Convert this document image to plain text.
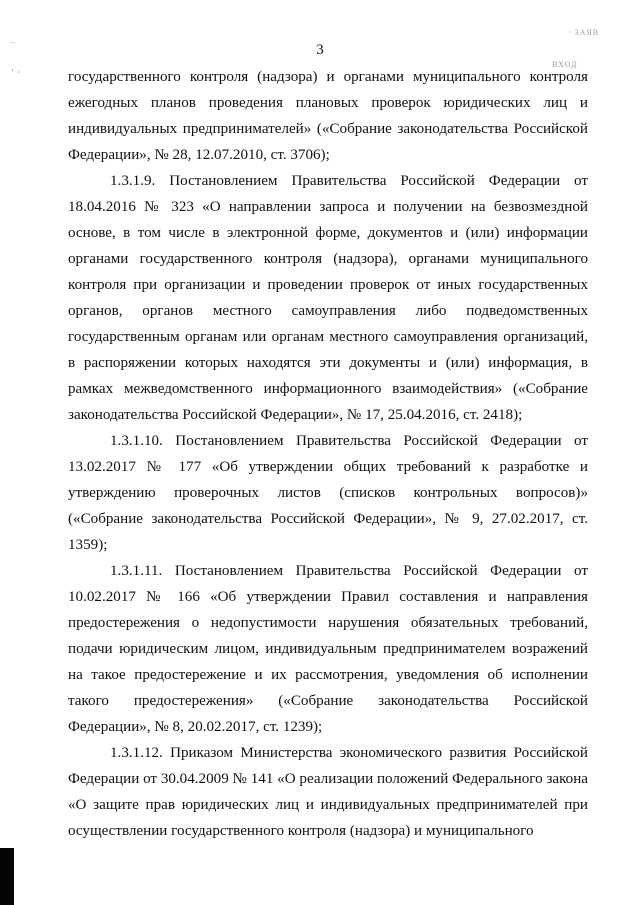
3
‥
' ·
· ЗАЯВ
ВХОД

государственного контроля (надзора) и органами муниципального контроля ежегодных планов проведения плановых проверок юридических лиц и индивидуальных предпринимателей» («Собрание законодательства Российской Федерации», № 28, 12.07.2010, ст. 3706);

1.3.1.9. Постановлением Правительства Российской Федерации от 18.04.2016 № 323 «О направлении запроса и получении на безвозмездной основе, в том числе в электронной форме, документов и (или) информации органами государственного контроля (надзора), органами муниципального контроля при организации и проведении проверок от иных государственных органов, органов местного самоуправления либо подведомственных государственным органам или органам местного самоуправления организаций, в распоряжении которых находятся эти документы и (или) информация, в рамках межведомственного информационного взаимодействия» («Собрание законодательства Российской Федерации», № 17, 25.04.2016, ст. 2418);

1.3.1.10. Постановлением Правительства Российской Федерации от 13.02.2017 № 177 «Об утверждении общих требований к разработке и утверждению проверочных листов (списков контрольных вопросов)» («Собрание законодательства Российской Федерации», № 9, 27.02.2017, ст. 1359);

1.3.1.11. Постановлением Правительства Российской Федерации от 10.02.2017 № 166 «Об утверждении Правил составления и направления предостережения о недопустимости нарушения обязательных требований, подачи юридическим лицом, индивидуальным предпринимателем возражений на такое предостережение и их рассмотрения, уведомления об исполнении такого предостережения» («Собрание законодательства Российской Федерации», № 8, 20.02.2017, ст. 1239);

1.3.1.12. Приказом Министерства экономического развития Российской Федерации от 30.04.2009 № 141 «О реализации положений Федерального закона «О защите прав юридических лиц и индивидуальных предпринимателей при осуществлении государственного контроля (надзора) и муниципального
